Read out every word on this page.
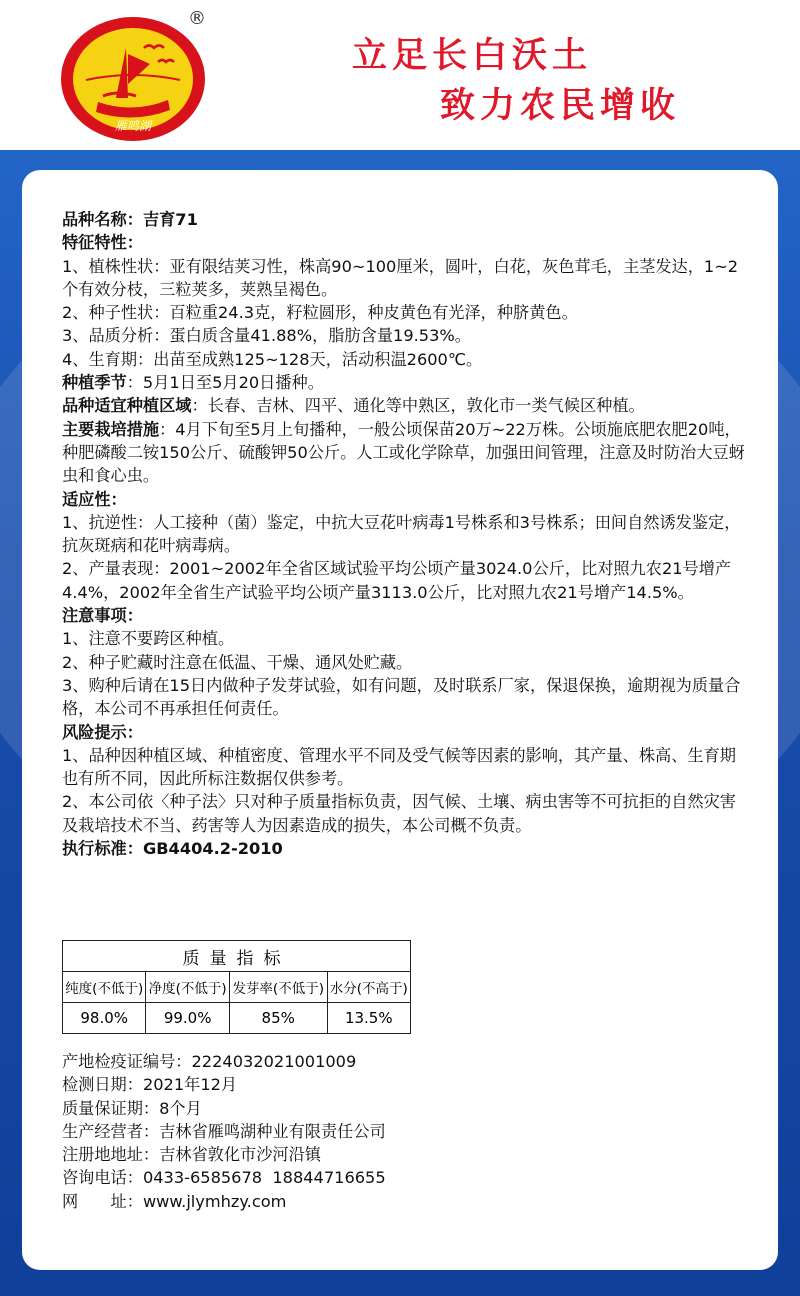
雁鸣湖
®
立足长白沃土
致力农民增收

品种名称：吉育71

特征特性：

1、植株性状：亚有限结荚习性，株高90~100厘米，圆叶，白花，灰色茸毛，主茎发达，1~2个有效分枝，三粒荚多，荚熟呈褐色。

2、种子性状：百粒重24.3克，籽粒圆形，种皮黄色有光泽，种脐黄色。

3、品质分析：蛋白质含量41.88%，脂肪含量19.53%。

4、生育期：出苗至成熟125~128天，活动积温2600℃。

种植季节：5月1日至5月20日播种。

品种适宜种植区域：长春、吉林、四平、通化等中熟区，敦化市一类气候区种植。

主要栽培措施：4月下旬至5月上旬播种，一般公顷保苗20万~22万株。公顷施底肥农肥20吨，种肥磷酸二铵150公斤、硫酸钾50公斤。人工或化学除草，加强田间管理，注意及时防治大豆蚜虫和食心虫。

适应性：

1、抗逆性：人工接种（菌）鉴定，中抗大豆花叶病毒1号株系和3号株系；田间自然诱发鉴定，抗灰斑病和花叶病毒病。

2、产量表现：2001~2002年全省区域试验平均公顷产量3024.0公斤，比对照九农21号增产4.4%，2002年全省生产试验平均公顷产量3113.0公斤，比对照九农21号增产14.5%。

注意事项：

1、注意不要跨区种植。

2、种子贮藏时注意在低温、干燥、通风处贮藏。

3、购种后请在15日内做种子发芽试验，如有问题，及时联系厂家，保退保换，逾期视为质量合格，本公司不再承担任何责任。

风险提示：

1、品种因种植区域、种植密度、管理水平不同及受气候等因素的影响，其产量、株高、生育期也有所不同，因此所标注数据仅供参考。

2、本公司依〈种子法〉只对种子质量指标负责，因气候、土壤、病虫害等不可抗拒的自然灾害及栽培技术不当、药害等人为因素造成的损失，本公司概不负责。

执行标准：GB4404.2-2010

质量指标			
纯度(不低于)	净度(不低于)	发芽率(不低于)	水分(不高于)
98.0%	99.0%	85%	13.5%

产地检疫证编号：2224032021001009

检测日期：2021年12月

质量保证期：8个月

生产经营者：吉林省雁鸣湖种业有限责任公司

注册地地址：吉林省敦化市沙河沿镇

咨询电话：0433-6585678  18844716655

网　　址：www.jlymhzy.com
